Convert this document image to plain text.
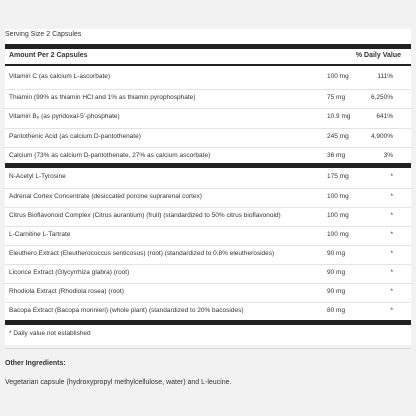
Serving Size 2 Capsules
Amount Per 2 Capsules	% Daily Value
Vitamin C (as calcium L-ascorbate)	100 mg	111%
Thiamin (99% as thiamin HCl and 1% as thiamin pyrophosphate)	75 mg	6,250%
Vitamin B₆ (as pyridoxal-5'-phosphate)	10.9 mg	641%
Pantothenic Acid (as calcium D-pantothenate)	245 mg	4,900%
Calcium (73% as calcium D-pantothenate, 27% as calcium ascorbate)	36 mg	3%
N-Acetyl L-Tyrosine	175 mg	*
Adrenal Cortex Concentrate (desiccated porcine suprarenal cortex)	100 mg	*
Citrus Bioflavonoid Complex (Citrus aurantium) (fruit) (standardized to 50% citrus bioflavonoid)	100 mg	*
L-Carnitine L-Tartrate	100 mg	*
Eleuthero Extract (Eleutherococcus senticosus) (root) (standardized to 0.8% eleutherosides)	90 mg	*
Licorice Extract (Glycyrrhiza glabra) (root)	90 mg	*
Rhodiola Extract (Rhodiola rosea) (root)	90 mg	*
Bacopa Extract (Bacopa monnieri) (whole plant) (standardized to 20% bacosides)	80 mg	*
* Daily value not established
Other Ingredients:
Vegetarian capsule (hydroxypropyl methylcellulose, water) and L-leucine.
